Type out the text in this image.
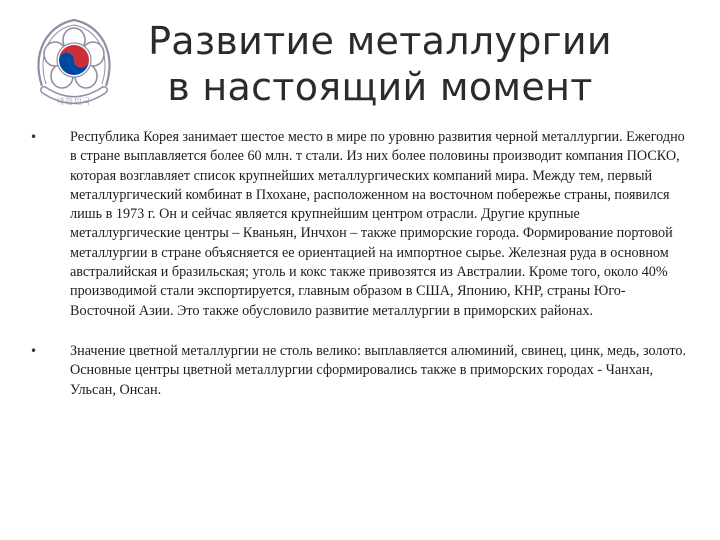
대한민국
Развитие металлургии
в настоящий момент
• Республика Корея занимает шестое место в мире по уровню развития черной металлургии. Ежегодно в стране выплавляется более 60 млн. т стали. Из них более половины производит компания ПОСКО, которая возглавляет список крупнейших металлургических компаний мира. Между тем, первый металлургический комбинат в Пхохане, расположенном на восточном побережье страны, появился лишь в 1973 г. Он и сейчас является крупнейшим центром отрасли. Другие крупные металлургические центры – Кваньян, Инчхон – также приморские города. Формирование портовой металлургии в стране объясняется ее ориентацией на импортное сырье. Железная руда в основном австралийская и бразильская; уголь и кокс также привозятся из Австралии. Кроме того, около 40% производимой стали экспортируется, главным образом в США, Японию, КНР, страны Юго- Восточной Азии. Это также обусловило развитие металлургии в приморских районах.
• Значение цветной металлургии не столь велико: выплавляется алюминий, свинец, цинк, медь, золото. Основные центры цветной металлургии сформировались также в приморских городах - Чанхан, Ульсан, Онсан.
